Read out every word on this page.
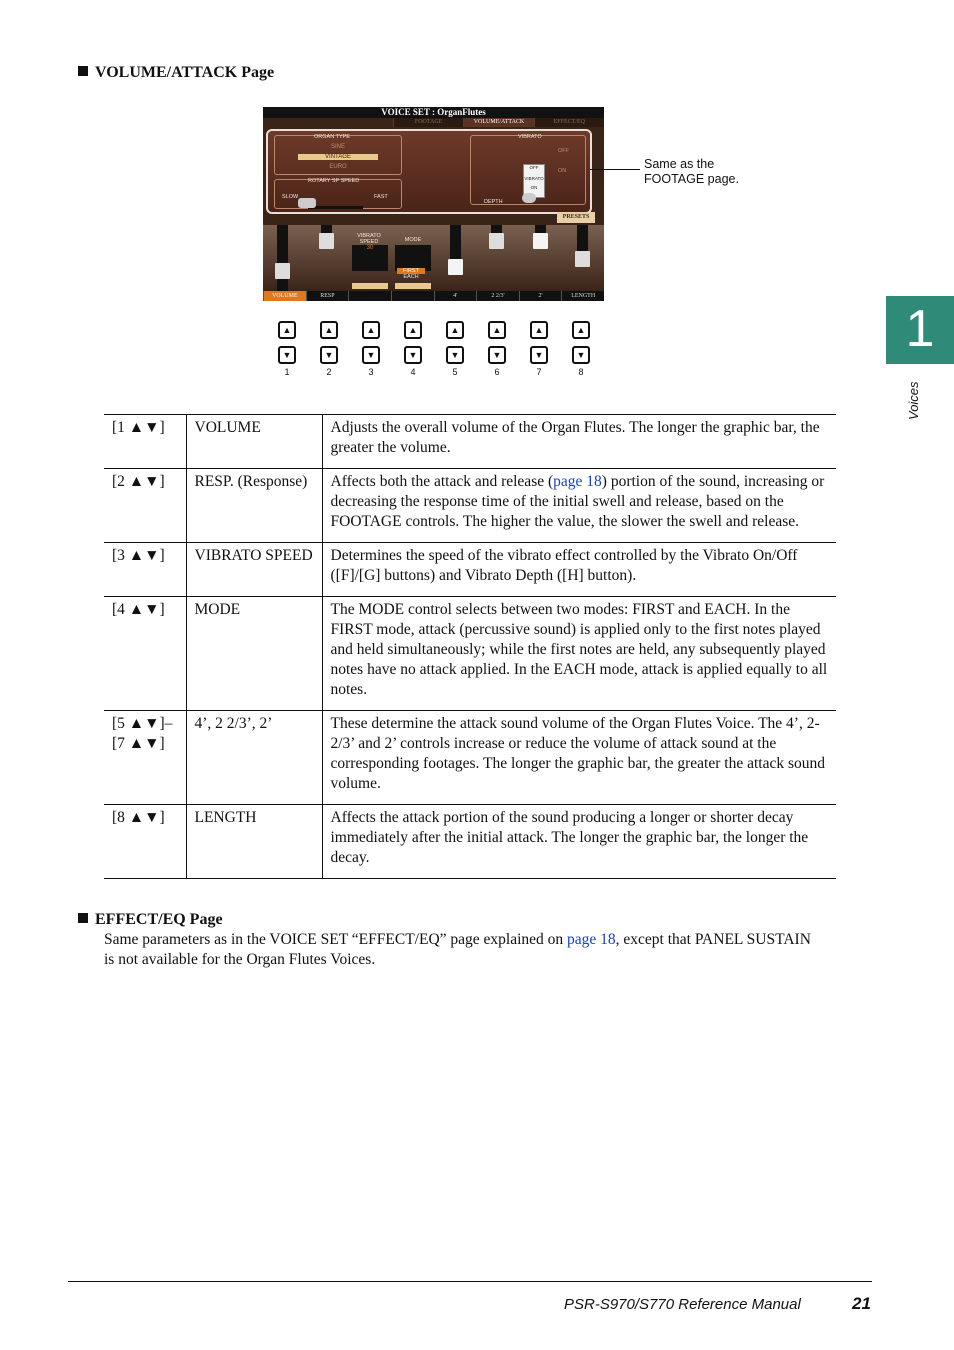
VOLUME/ATTACK Page
VOICE SET : OrganFlutes
FOOTAGE	VOLUME/ATTACK	EFFECT/EQ
ORGAN TYPE
SINE
VINTAGE
EURO
ROTARY SP SPEED
SLOW	FAST
VIBRATO
OFF
VIBRATO
ON
OFF
ON
DEPTH
PRESETS
VIBRATO SPEED
30
MODE
FIRST
EACH
VOLUME	RESP	4'	2 2/3'	2'	LENGTH
Same as the
FOOTAGE page.
▲
▼
1
▲
▼
2
▲
▼
3
▲
▼
4
▲
▼
5
▲
▼
6
▲
▼
7
▲
▼
8
1
Voices
[1 ▲▼]	VOLUME	Adjusts the overall volume of the Organ Flutes. The longer the graphic bar, the greater the volume.
[2 ▲▼]	RESP. (Response)	Affects both the attack and release (page 18) portion of the sound, increasing or decreasing the response time of the initial swell and release, based on the FOOTAGE controls. The higher the value, the slower the swell and release.
[3 ▲▼]	VIBRATO SPEED	Determines the speed of the vibrato effect controlled by the Vibrato On/Off ([F]/[G] buttons) and Vibrato Depth ([H] button).
[4 ▲▼]	MODE	The MODE control selects between two modes: FIRST and EACH. In the FIRST mode, attack (percussive sound) is applied only to the first notes played and held simultaneously; while the first notes are held, any subsequently played notes have no attack applied. In the EACH mode, attack is applied equally to all notes.
[5 ▲▼]– [7 ▲▼]	4’, 2 2/3’, 2’	These determine the attack sound volume of the Organ Flutes Voice. The 4’, 2-2/3’ and 2’ controls increase or reduce the volume of attack sound at the corresponding footages. The longer the graphic bar, the greater the attack sound volume.
[8 ▲▼]	LENGTH	Affects the attack portion of the sound producing a longer or shorter decay immediately after the initial attack. The longer the graphic bar, the longer the decay.
EFFECT/EQ Page
Same parameters as in the VOICE SET “EFFECT/EQ” page explained on page 18, except that PANEL SUSTAIN is not available for the Organ Flutes Voices.
PSR-S970/S770 Reference Manual	21
